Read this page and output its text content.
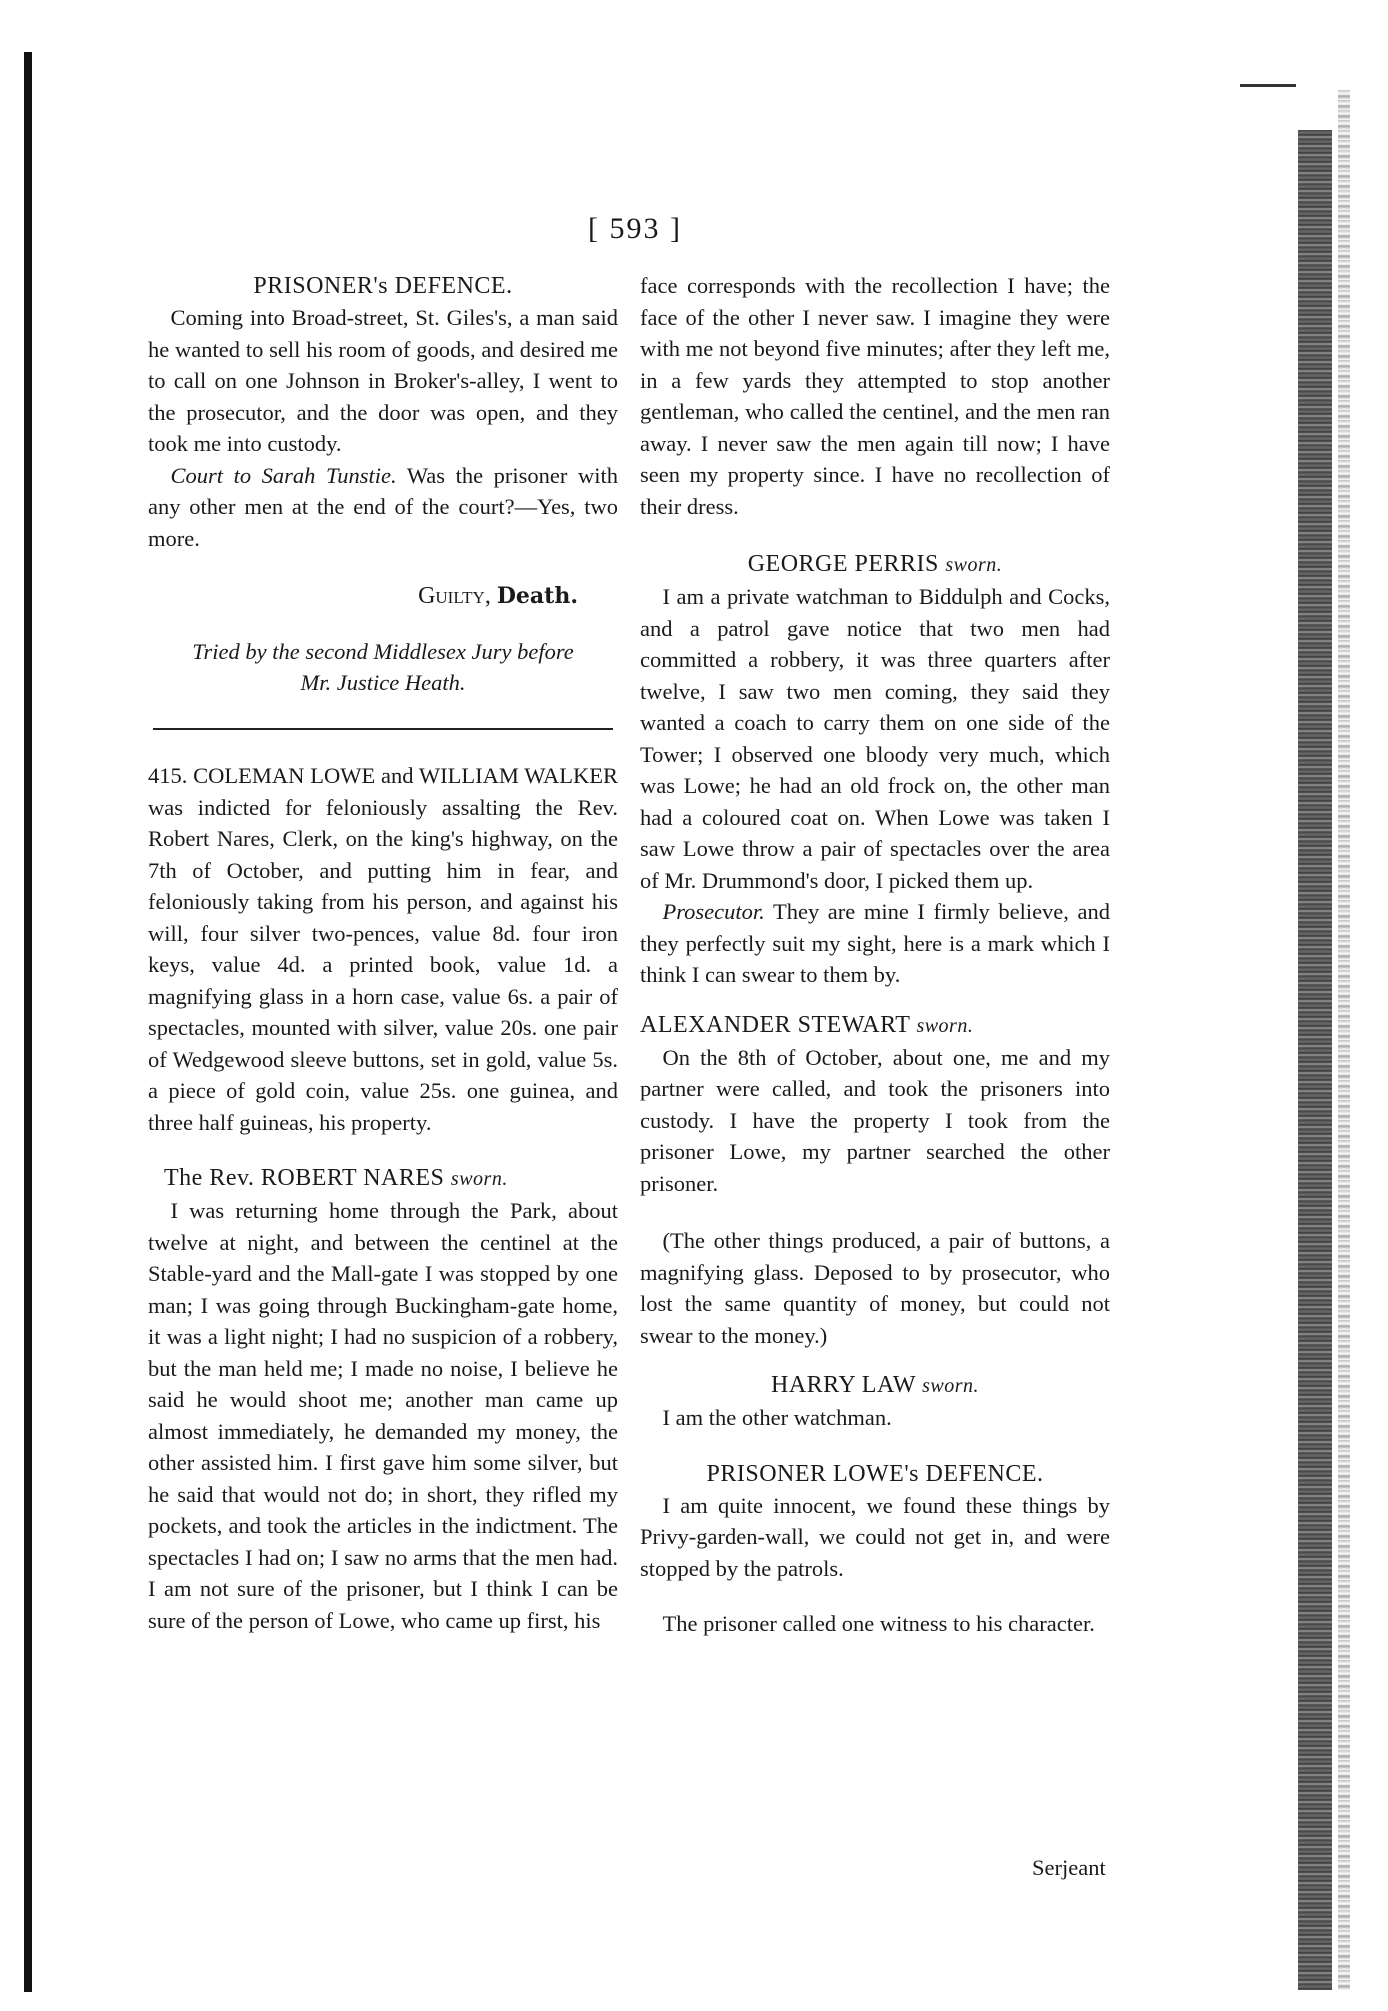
[ 593 ]

PRISONER's DEFENCE.

Coming into Broad-street, St. Giles's, a man said he wanted to sell his room of goods, and desired me to call on one Johnson in Broker's-alley, I went to the prosecutor, and the door was open, and they took me into custody.

Court to Sarah Tunstie. Was the prisoner with any other men at the end of the court?—Yes, two more.

Guilty, Death.

Tried by the second Middlesex Jury before

Mr. Justice Heath.

415. COLEMAN LOWE and WILLIAM WALKER was indicted for feloniously assalting the Rev. Robert Nares, Clerk, on the king's highway, on the 7th of October, and putting him in fear, and feloniously taking from his person, and against his will, four silver two-pences, value 8d. four iron keys, value 4d. a printed book, value 1d. a magnifying glass in a horn case, value 6s. a pair of spectacles, mounted with silver, value 20s. one pair of Wedgewood sleeve buttons, set in gold, value 5s. a piece of gold coin, value 25s. one guinea, and three half guineas, his property.

The Rev. ROBERT NARES sworn.

I was returning home through the Park, about twelve at night, and between the centinel at the Stable-yard and the Mall-gate I was stopped by one man; I was going through Buckingham-gate home, it was a light night; I had no suspicion of a robbery, but the man held me; I made no noise, I believe he said he would shoot me; another man came up almost immediately, he demanded my money, the other assisted him. I first gave him some silver, but he said that would not do; in short, they rifled my pockets, and took the articles in the indictment. The spectacles I had on; I saw no arms that the men had. I am not sure of the prisoner, but I think I can be sure of the person of Lowe, who came up first, his

face corresponds with the recollection I have; the face of the other I never saw. I imagine they were with me not beyond five minutes; after they left me, in a few yards they attempted to stop another gentleman, who called the centinel, and the men ran away. I never saw the men again till now; I have seen my property since. I have no recollection of their dress.

GEORGE PERRIS sworn.

I am a private watchman to Biddulph and Cocks, and a patrol gave notice that two men had committed a robbery, it was three quarters after twelve, I saw two men coming, they said they wanted a coach to carry them on one side of the Tower; I observed one bloody very much, which was Lowe; he had an old frock on, the other man had a coloured coat on. When Lowe was taken I saw Lowe throw a pair of spectacles over the area of Mr. Drummond's door, I picked them up.

Prosecutor. They are mine I firmly believe, and they perfectly suit my sight, here is a mark which I think I can swear to them by.

ALEXANDER STEWART sworn.

On the 8th of October, about one, me and my partner were called, and took the prisoners into custody. I have the property I took from the prisoner Lowe, my partner searched the other prisoner.

(The other things produced, a pair of buttons, a magnifying glass. Deposed to by prosecutor, who lost the same quantity of money, but could not swear to the money.)

HARRY LAW sworn.

I am the other watchman.

PRISONER LOWE's DEFENCE.

I am quite innocent, we found these things by Privy-garden-wall, we could not get in, and were stopped by the patrols.

The prisoner called one witness to his character.

Serjeant
